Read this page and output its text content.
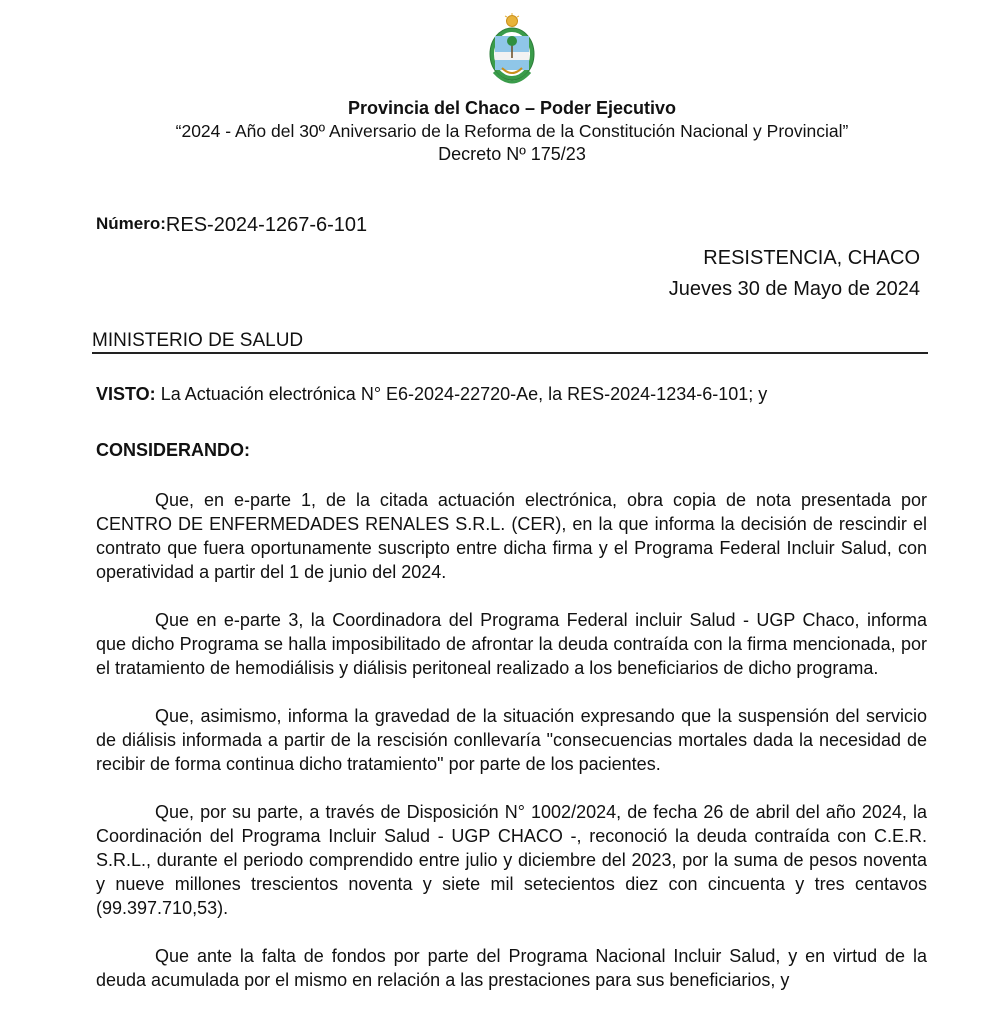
Provincia del Chaco – Poder Ejecutivo
“2024 - Año del 30º Aniversario de la Reforma de la Constitución Nacional y Provincial”
Decreto Nº 175/23
Número:RES-2024-1267-6-101
RESISTENCIA, CHACO
Jueves 30 de Mayo de 2024
MINISTERIO DE SALUD
VISTO: La Actuación electrónica N° E6-2024-22720-Ae, la RES-2024-1234-6-101; y
CONSIDERANDO:

Que, en e-parte 1, de la citada actuación electrónica, obra copia de nota presentada por CENTRO DE ENFERMEDADES RENALES S.R.L. (CER), en la que informa la decisión de rescindir el contrato que fuera oportunamente suscripto entre dicha firma y el Programa Federal Incluir Salud, con operatividad a partir del 1 de junio del 2024.

Que en e-parte 3, la Coordinadora del Programa Federal incluir Salud - UGP Chaco, informa que dicho Programa se halla imposibilitado de afrontar la deuda contraída con la firma mencionada, por el tratamiento de hemodiálisis y diálisis peritoneal realizado a los beneficiarios de dicho programa.

Que, asimismo, informa la gravedad de la situación expresando que la suspensión del servicio de diálisis informada a partir de la rescisión conllevaría "consecuencias mortales dada la necesidad de recibir de forma continua dicho tratamiento" por parte de los pacientes.

Que, por su parte, a través de Disposición N° 1002/2024, de fecha 26 de abril del año 2024, la Coordinación del Programa Incluir Salud - UGP CHACO -, reconoció la deuda contraída con C.E.R. S.R.L., durante el periodo comprendido entre julio y diciembre del 2023, por la suma de pesos noventa y nueve millones trescientos noventa y siete mil setecientos diez con cincuenta y tres centavos (99.397.710,53).

Que ante la falta de fondos por parte del Programa Nacional Incluir Salud, y en virtud de la deuda acumulada por el mismo en relación a las prestaciones para sus beneficiarios, y
